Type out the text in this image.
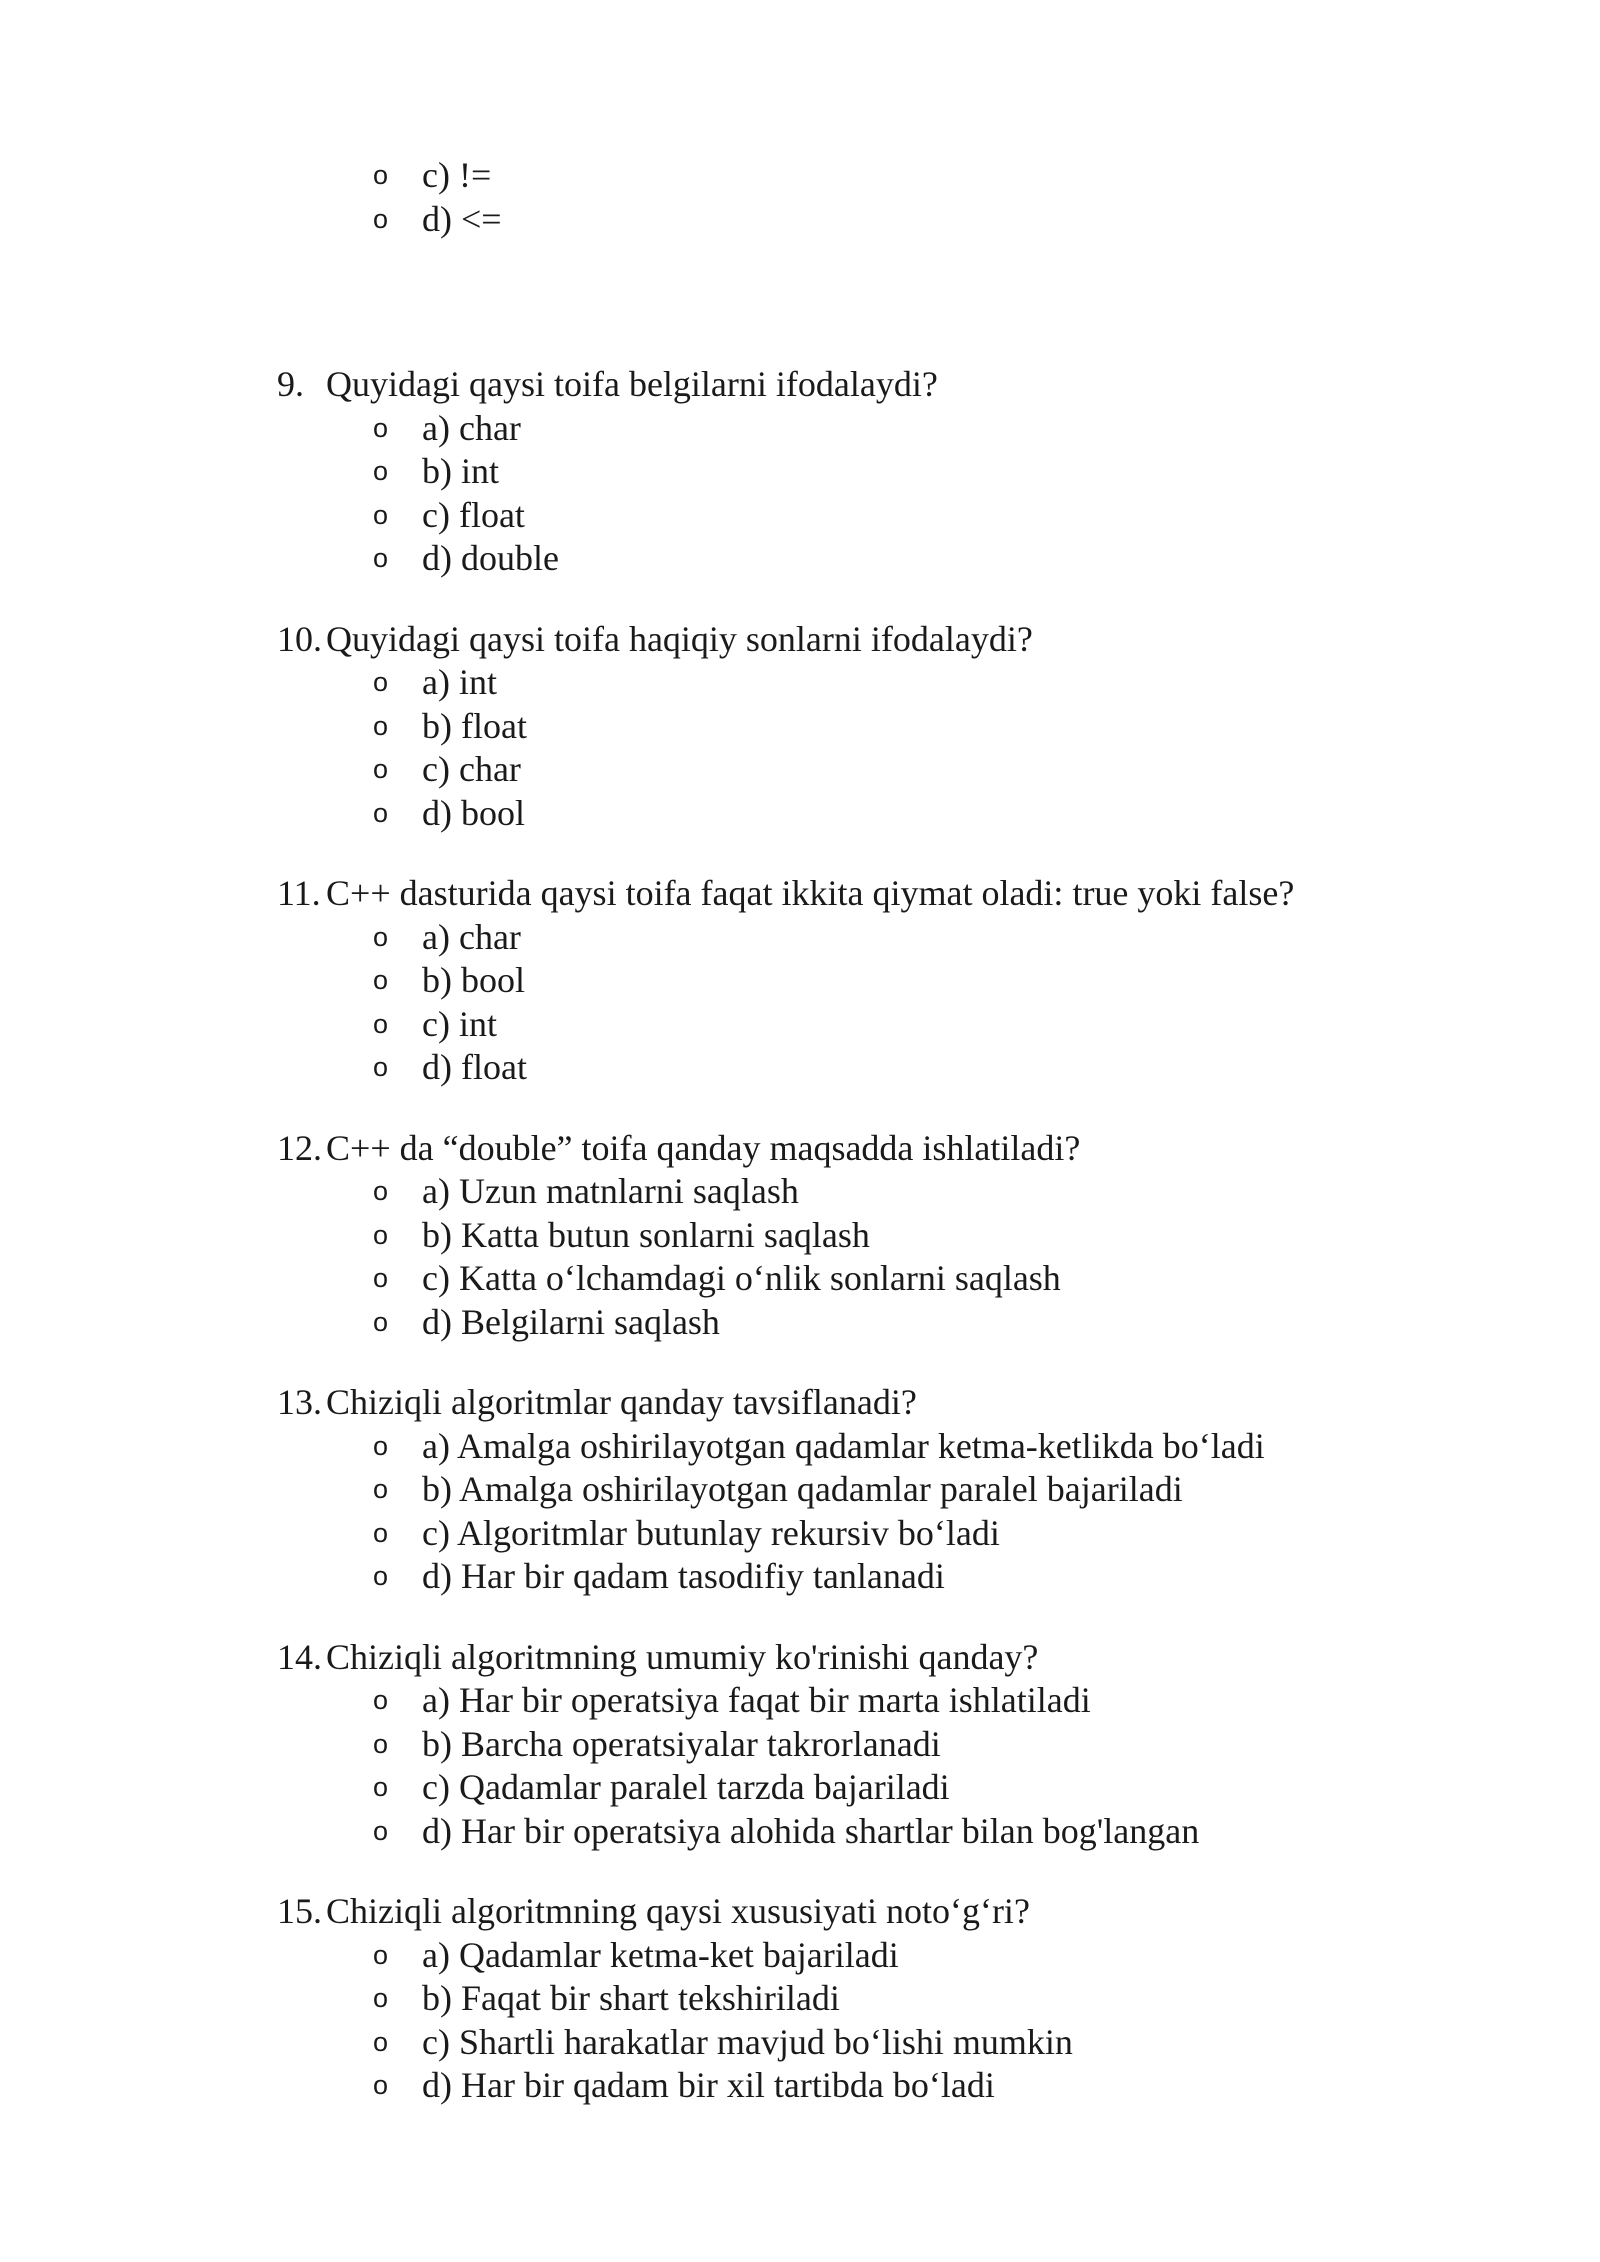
o c) !=
o d) <=
9. Quyidagi qaysi toifa belgilarni ifodalaydi?
o a) char
o b) int
o c) float
o d) double
10. Quyidagi qaysi toifa haqiqiy sonlarni ifodalaydi?
o a) int
o b) float
o c) char
o d) bool
11. C++ dasturida qaysi toifa faqat ikkita qiymat oladi: true yoki false?
o a) char
o b) bool
o c) int
o d) float
12. C++ da “double” toifa qanday maqsadda ishlatiladi?
o a) Uzun matnlarni saqlash
o b) Katta butun sonlarni saqlash
o c) Katta o‘lchamdagi o‘nlik sonlarni saqlash
o d) Belgilarni saqlash
13. Chiziqli algoritmlar qanday tavsiflanadi?
o a) Amalga oshirilayotgan qadamlar ketma-ketlikda bo‘ladi
o b) Amalga oshirilayotgan qadamlar paralel bajariladi
o c) Algoritmlar butunlay rekursiv bo‘ladi
o d) Har bir qadam tasodifiy tanlanadi
14. Chiziqli algoritmning umumiy ko'rinishi qanday?
o a) Har bir operatsiya faqat bir marta ishlatiladi
o b) Barcha operatsiyalar takrorlanadi
o c) Qadamlar paralel tarzda bajariladi
o d) Har bir operatsiya alohida shartlar bilan bog'langan
15. Chiziqli algoritmning qaysi xususiyati noto‘g‘ri?
o a) Qadamlar ketma-ket bajariladi
o b) Faqat bir shart tekshiriladi
o c) Shartli harakatlar mavjud bo‘lishi mumkin
o d) Har bir qadam bir xil tartibda bo‘ladi
